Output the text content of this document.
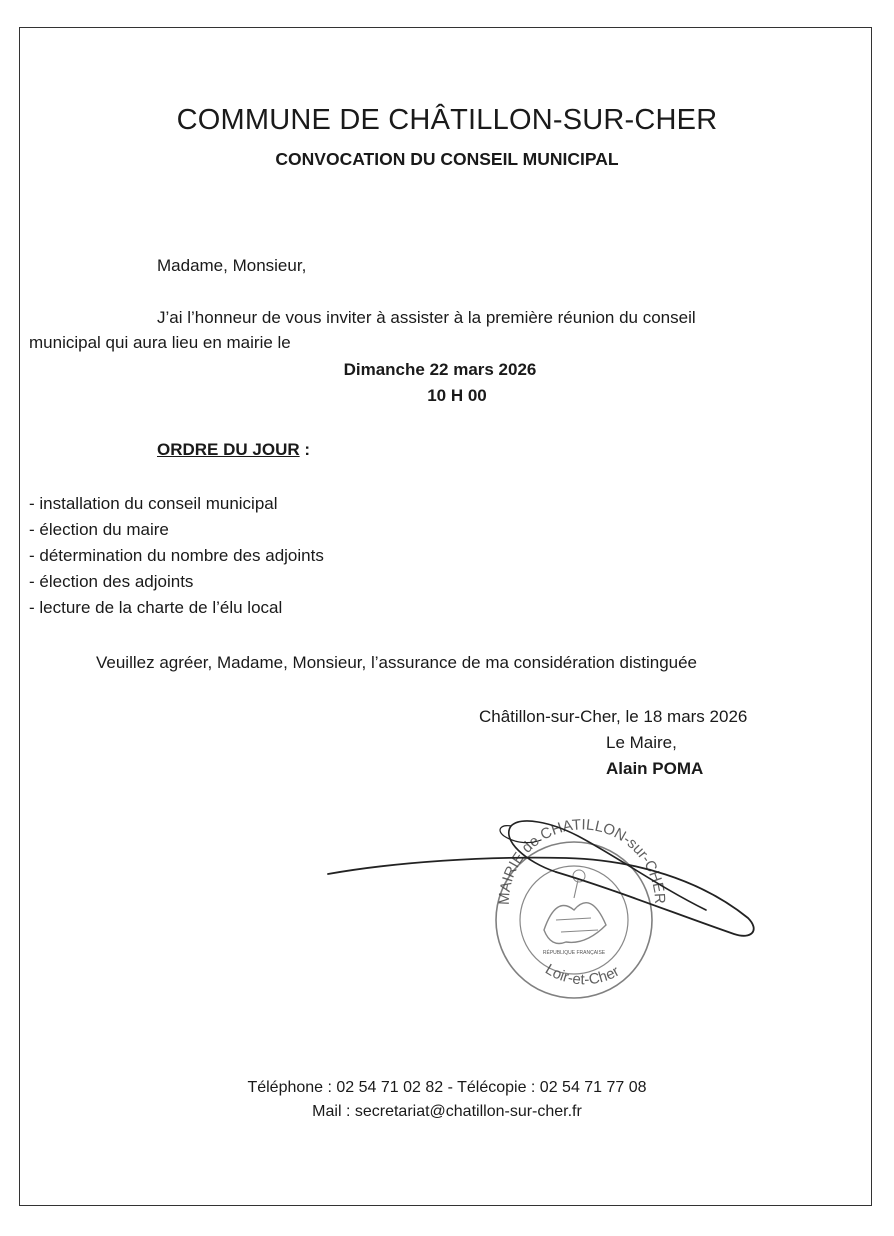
COMMUNE DE CHÂTILLON-SUR-CHER
CONVOCATION DU CONSEIL MUNICIPAL
Madame, Monsieur,
J’ai l’honneur de vous inviter à assister à la première réunion du conseil
municipal qui aura lieu en mairie le
Dimanche 22 mars 2026
10 H 00
ORDRE DU JOUR :
- installation du conseil municipal
- élection du maire
- détermination du nombre des adjoints
- élection des adjoints
- lecture de la charte de l’élu local
Veuillez agréer, Madame, Monsieur, l’assurance de ma considération distinguée
Châtillon-sur-Cher, le 18 mars 2026
Le Maire,
Alain POMA
MAIRIE de CHATILLON-sur-CHER
Loir-et-Cher
RÉPUBLIQUE FRANÇAISE
Téléphone : 02 54 71 02 82 - Télécopie : 02 54 71 77 08
Mail : secretariat@chatillon-sur-cher.fr
